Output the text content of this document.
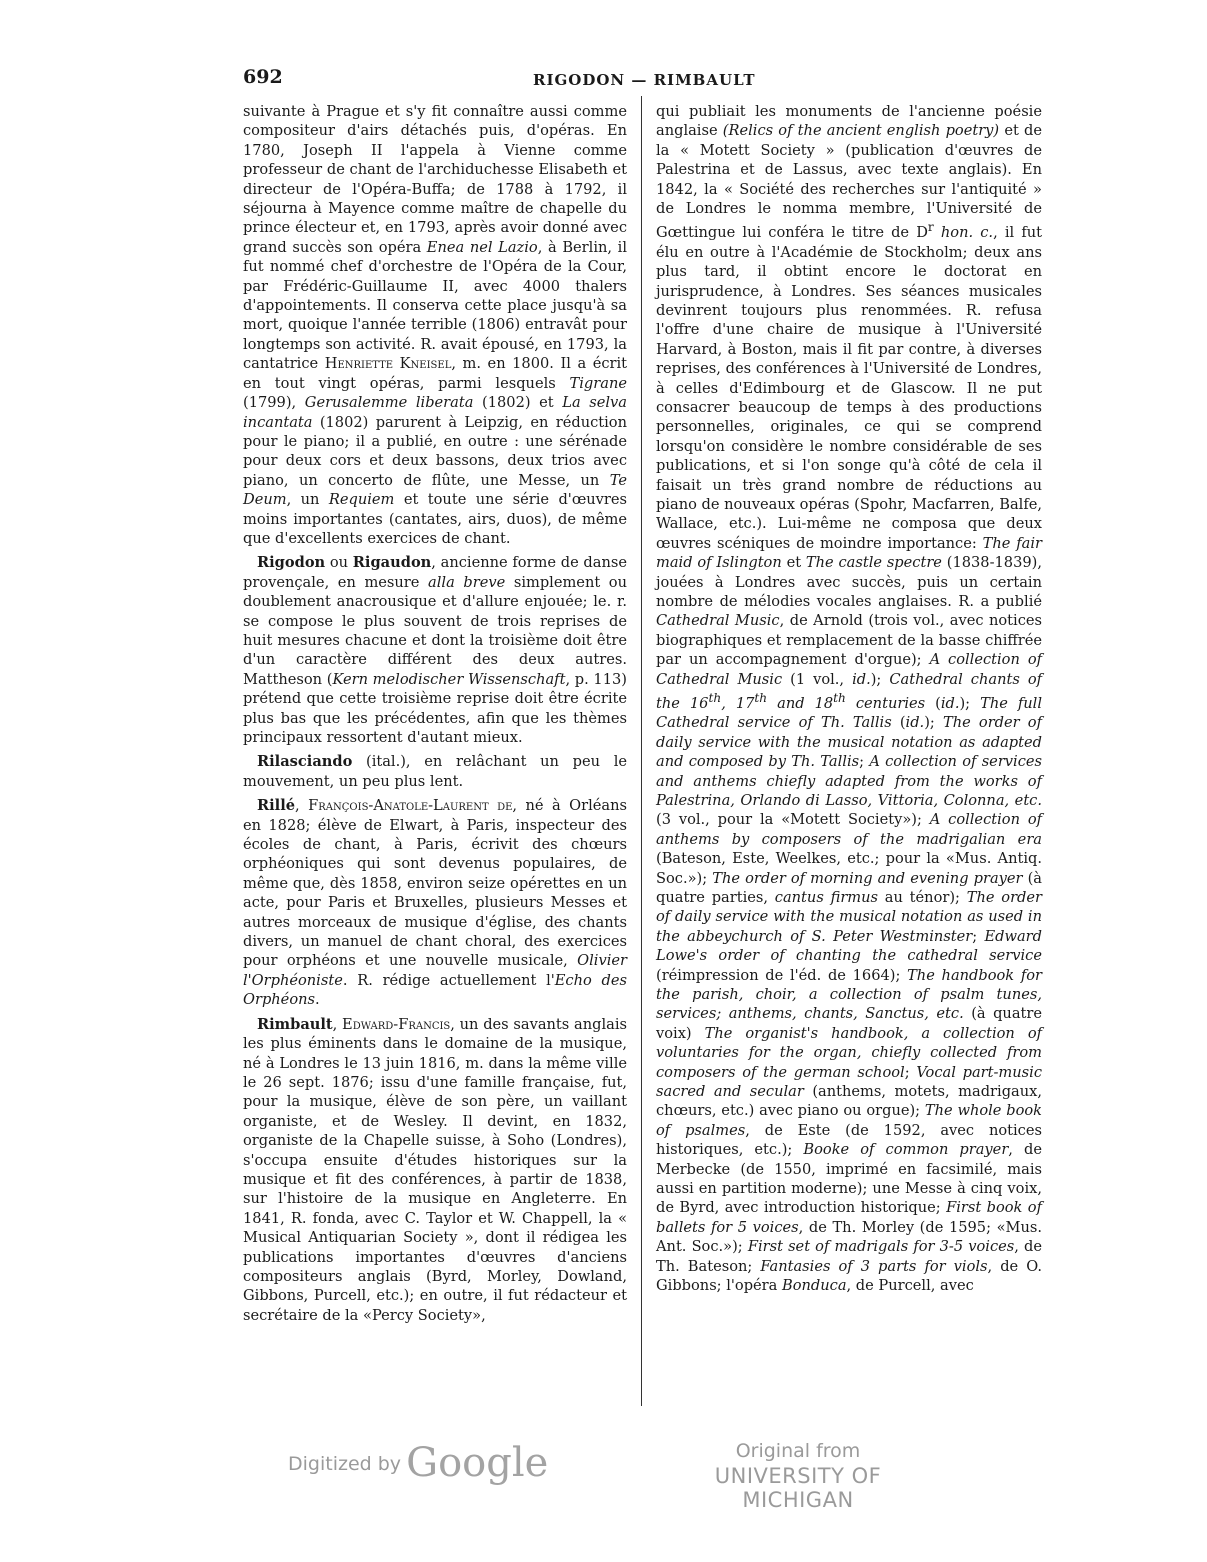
692	RIGODON — RIMBAULT

suivante à Prague et s'y fit connaître aussi comme compositeur d'airs détachés puis, d'opéras. En 1780, Joseph II l'appela à Vienne comme professeur de chant de l'archiduchesse Elisabeth et directeur de l'Opéra-Buffa; de 1788 à 1792, il séjourna à Mayence comme maître de chapelle du prince électeur et, en 1793, après avoir donné avec grand succès son opéra Enea nel Lazio, à Berlin, il fut nommé chef d'orchestre de l'Opéra de la Cour, par Frédéric-Guillaume II, avec 4000 thalers d'appointements. Il conserva cette place jusqu'à sa mort, quoique l'année terrible (1806) entravât pour longtemps son activité. R. avait épousé, en 1793, la cantatrice Henriette Kneisel, m. en 1800. Il a écrit en tout vingt opéras, parmi lesquels Tigrane (1799), Gerusalemme liberata (1802) et La selva incantata (1802) parurent à Leipzig, en réduction pour le piano; il a publié, en outre : une sérénade pour deux cors et deux bassons, deux trios avec piano, un concerto de flûte, une Messe, un Te Deum, un Requiem et toute une série d'œuvres moins importantes (cantates, airs, duos), de même que d'excellents exercices de chant.

Rigodon ou Rigaudon, ancienne forme de danse provençale, en mesure alla breve simplement ou doublement anacrousique et d'allure enjouée; le. r. se compose le plus souvent de trois reprises de huit mesures chacune et dont la troisième doit être d'un caractère différent des deux autres. Mattheson (Kern melodischer Wissenschaft, p. 113) prétend que cette troisième reprise doit être écrite plus bas que les précédentes, afin que les thèmes principaux ressortent d'autant mieux.

Rilasciando (ital.), en relâchant un peu le mouvement, un peu plus lent.

Rillé, François-Anatole-Laurent de, né à Orléans en 1828; élève de Elwart, à Paris, inspecteur des écoles de chant, à Paris, écrivit des chœurs orphéoniques qui sont devenus populaires, de même que, dès 1858, environ seize opérettes en un acte, pour Paris et Bruxelles, plusieurs Messes et autres morceaux de musique d'église, des chants divers, un manuel de chant choral, des exercices pour orphéons et une nouvelle musicale, Olivier l'Orphéoniste. R. rédige actuellement l'Echo des Orphéons.

Rimbault, Edward-Francis, un des savants anglais les plus éminents dans le domaine de la musique, né à Londres le 13 juin 1816, m. dans la même ville le 26 sept. 1876; issu d'une famille française, fut, pour la musique, élève de son père, un vaillant organiste, et de Wesley. Il devint, en 1832, organiste de la Chapelle suisse, à Soho (Londres), s'occupa ensuite d'études historiques sur la musique et fit des conférences, à partir de 1838, sur l'histoire de la musique en Angleterre. En 1841, R. fonda, avec C. Taylor et W. Chappell, la « Musical Antiquarian Society », dont il rédigea les publications importantes d'œuvres d'anciens compositeurs anglais (Byrd, Morley, Dowland, Gibbons, Purcell, etc.); en outre, il fut rédacteur et secrétaire de la «Percy Society»,

qui publiait les monuments de l'ancienne poésie anglaise (Relics of the ancient english poetry) et de la « Motett Society » (publication d'œuvres de Palestrina et de Lassus, avec texte anglais). En 1842, la « Société des recherches sur l'antiquité » de Londres le nomma membre, l'Université de Gœttingue lui conféra le titre de $D^r$ hon. c., il fut élu en outre à l'Académie de Stockholm; deux ans plus tard, il obtint encore le doctorat en jurisprudence, à Londres. Ses séances musicales devinrent toujours plus renommées. R. refusa l'offre d'une chaire de musique à l'Université Harvard, à Boston, mais il fit par contre, à diverses reprises, des conférences à l'Université de Londres, à celles d'Edimbourg et de Glascow. Il ne put consacrer beaucoup de temps à des productions personnelles, originales, ce qui se comprend lorsqu'on considère le nombre considérable de ses publications, et si l'on songe qu'à côté de cela il faisait un très grand nombre de réductions au piano de nouveaux opéras (Spohr, Macfarren, Balfe, Wallace, etc.). Lui-même ne composa que deux œuvres scéniques de moindre importance: The fair maid of Islington et The castle spectre (1838-1839), jouées à Londres avec succès, puis un certain nombre de mélodies vocales anglaises. R. a publié Cathedral Music, de Arnold (trois vol., avec notices biographiques et remplacement de la basse chiffrée par un accompagnement d'orgue); A collection of Cathedral Music (1 vol., id.); Cathedral chants of the 16th, 17th and 18th centuries (id.); The full Cathedral service of Th. Tallis (id.); The order of daily service with the musical notation as adapted and composed by Th. Tallis; A collection of services and anthems chiefly adapted from the works of Palestrina, Orlando di Lasso, Vittoria, Colonna, etc. (3 vol., pour la «Motett Society»); A collection of anthems by composers of the madrigalian era (Bateson, Este, Weelkes, etc.; pour la «Mus. Antiq. Soc.»); The order of morning and evening prayer (à quatre parties, cantus firmus au ténor); The order of daily service with the musical notation as used in the abbeychurch of S. Peter Westminster; Edward Lowe's order of chanting the cathedral service (réimpression de l'éd. de 1664); The handbook for the parish, choir, a collection of psalm tunes, services; anthems, chants, Sanctus, etc. (à quatre voix) The organist's handbook, a collection of voluntaries for the organ, chiefly collected from composers of the german school; Vocal part-music sacred and secular (anthems, motets, madrigaux, chœurs, etc.) avec piano ou orgue); The whole book of psalmes, de Este (de 1592, avec notices historiques, etc.); Booke of common prayer, de Merbecke (de 1550, imprimé en facsimilé, mais aussi en partition moderne); une Messe à cinq voix, de Byrd, avec introduction historique; First book of ballets for 5 voices, de Th. Morley (de 1595; «Mus. Ant. Soc.»); First set of madrigals for 3-5 voices, de Th. Bateson; Fantasies of 3 parts for viols, de O. Gibbons; l'opéra Bonduca, de Purcell, avec

Digitized by Google	Original from
UNIVERSITY OF MICHIGAN
